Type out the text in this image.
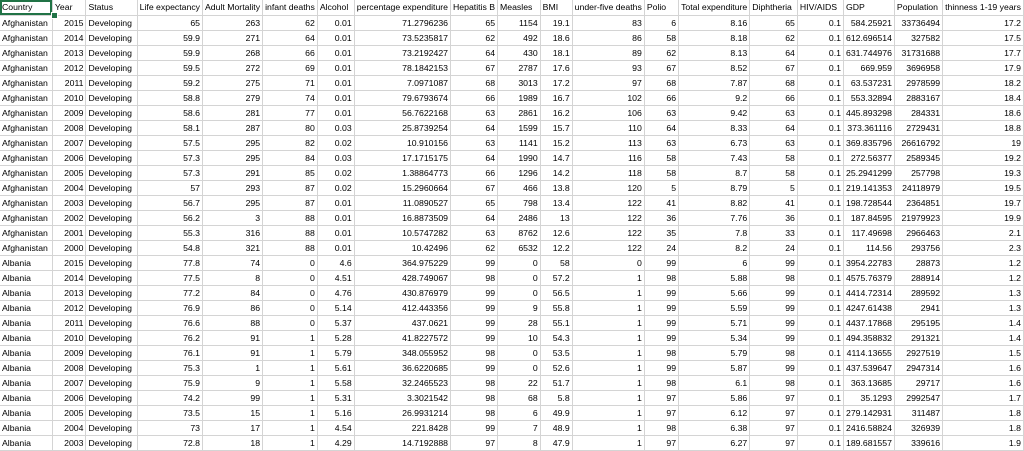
Country	Year	Status	Life expectancy	Adult Mortality	infant deaths	Alcohol	percentage expenditure	Hepatitis B	Measles	BMI	under-five deaths	Polio	Total expenditure	Diphtheria	HIV/AIDS	GDP	Population	thinness 1-19 years
Afghanistan	2015	Developing	65	263	62	0.01	71.2796236	65	1154	19.1	83	6	8.16	65	0.1	584.25921	33736494	17.2
Afghanistan	2014	Developing	59.9	271	64	0.01	73.5235817	62	492	18.6	86	58	8.18	62	0.1	612.696514	327582	17.5
Afghanistan	2013	Developing	59.9	268	66	0.01	73.2192427	64	430	18.1	89	62	8.13	64	0.1	631.744976	31731688	17.7
Afghanistan	2012	Developing	59.5	272	69	0.01	78.1842153	67	2787	17.6	93	67	8.52	67	0.1	669.959	3696958	17.9
Afghanistan	2011	Developing	59.2	275	71	0.01	7.0971087	68	3013	17.2	97	68	7.87	68	0.1	63.537231	2978599	18.2
Afghanistan	2010	Developing	58.8	279	74	0.01	79.6793674	66	1989	16.7	102	66	9.2	66	0.1	553.32894	2883167	18.4
Afghanistan	2009	Developing	58.6	281	77	0.01	56.7622168	63	2861	16.2	106	63	9.42	63	0.1	445.893298	284331	18.6
Afghanistan	2008	Developing	58.1	287	80	0.03	25.8739254	64	1599	15.7	110	64	8.33	64	0.1	373.361116	2729431	18.8
Afghanistan	2007	Developing	57.5	295	82	0.02	10.910156	63	1141	15.2	113	63	6.73	63	0.1	369.835796	26616792	19
Afghanistan	2006	Developing	57.3	295	84	0.03	17.1715175	64	1990	14.7	116	58	7.43	58	0.1	272.56377	2589345	19.2
Afghanistan	2005	Developing	57.3	291	85	0.02	1.38864773	66	1296	14.2	118	58	8.7	58	0.1	25.2941299	257798	19.3
Afghanistan	2004	Developing	57	293	87	0.02	15.2960664	67	466	13.8	120	5	8.79	5	0.1	219.141353	24118979	19.5
Afghanistan	2003	Developing	56.7	295	87	0.01	11.0890527	65	798	13.4	122	41	8.82	41	0.1	198.728544	2364851	19.7
Afghanistan	2002	Developing	56.2	3	88	0.01	16.8873509	64	2486	13	122	36	7.76	36	0.1	187.84595	21979923	19.9
Afghanistan	2001	Developing	55.3	316	88	0.01	10.5747282	63	8762	12.6	122	35	7.8	33	0.1	117.49698	2966463	2.1
Afghanistan	2000	Developing	54.8	321	88	0.01	10.42496	62	6532	12.2	122	24	8.2	24	0.1	114.56	293756	2.3
Albania	2015	Developing	77.8	74	0	4.6	364.975229	99	0	58	0	99	6	99	0.1	3954.22783	28873	1.2
Albania	2014	Developing	77.5	8	0	4.51	428.749067	98	0	57.2	1	98	5.88	98	0.1	4575.76379	288914	1.2
Albania	2013	Developing	77.2	84	0	4.76	430.876979	99	0	56.5	1	99	5.66	99	0.1	4414.72314	289592	1.3
Albania	2012	Developing	76.9	86	0	5.14	412.443356	99	9	55.8	1	99	5.59	99	0.1	4247.61438	2941	1.3
Albania	2011	Developing	76.6	88	0	5.37	437.0621	99	28	55.1	1	99	5.71	99	0.1	4437.17868	295195	1.4
Albania	2010	Developing	76.2	91	1	5.28	41.8227572	99	10	54.3	1	99	5.34	99	0.1	494.358832	291321	1.4
Albania	2009	Developing	76.1	91	1	5.79	348.055952	98	0	53.5	1	98	5.79	98	0.1	4114.13655	2927519	1.5
Albania	2008	Developing	75.3	1	1	5.61	36.6220685	99	0	52.6	1	99	5.87	99	0.1	437.539647	2947314	1.6
Albania	2007	Developing	75.9	9	1	5.58	32.2465523	98	22	51.7	1	98	6.1	98	0.1	363.13685	29717	1.6
Albania	2006	Developing	74.2	99	1	5.31	3.3021542	98	68	5.8	1	97	5.86	97	0.1	35.1293	2992547	1.7
Albania	2005	Developing	73.5	15	1	5.16	26.9931214	98	6	49.9	1	97	6.12	97	0.1	279.142931	311487	1.8
Albania	2004	Developing	73	17	1	4.54	221.8428	99	7	48.9	1	98	6.38	97	0.1	2416.58824	326939	1.8
Albania	2003	Developing	72.8	18	1	4.29	14.7192888	97	8	47.9	1	97	6.27	97	0.1	189.681557	339616	1.9
